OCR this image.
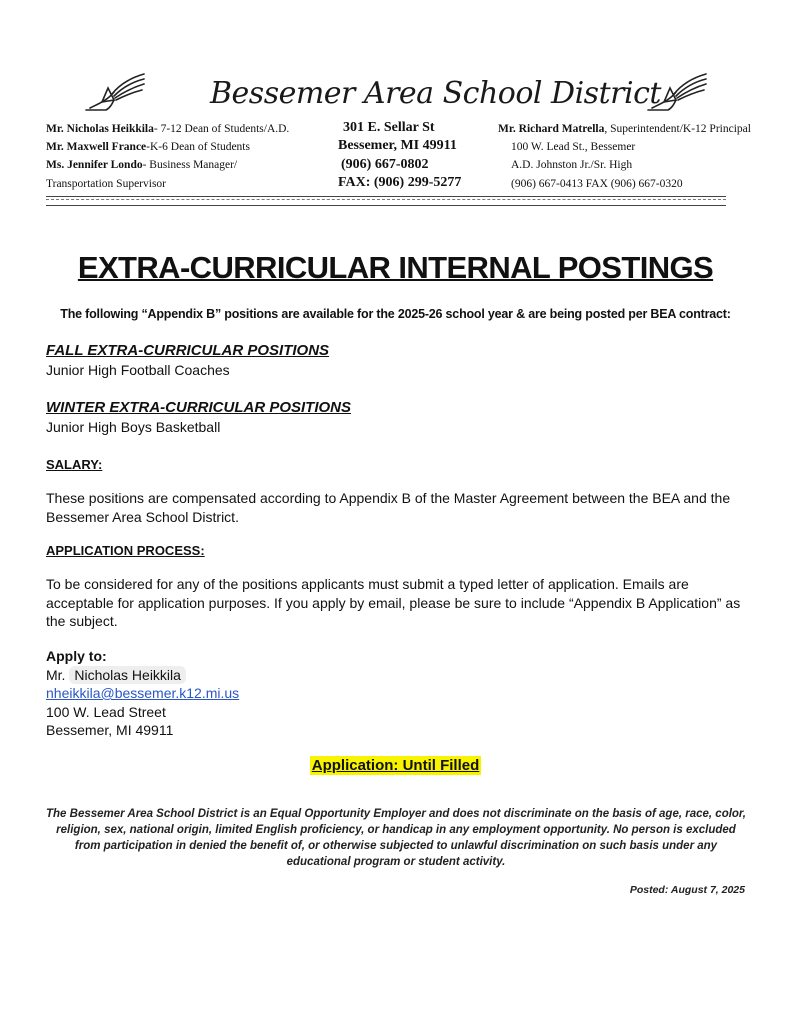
Bessemer Area School District
Mr. Nicholas Heikkila- 7-12 Dean of Students/A.D.
Mr. Maxwell France-K-6 Dean of Students
Ms. Jennifer Londo- Business Manager/
Transportation Supervisor
301 E. Sellar St
Bessemer, MI 49911
(906) 667-0802
FAX: (906) 299-5277
Mr. Richard Matrella, Superintendent/K-12 Principal
100 W. Lead St., Bessemer
A.D. Johnston Jr./Sr. High
(906) 667-0413 FAX (906) 667-0320
EXTRA-CURRICULAR INTERNAL POSTINGS
The following “Appendix B” positions are available for the 2025-26 school year & are being posted per BEA contract:
FALL EXTRA-CURRICULAR POSITIONS
Junior High Football Coaches
WINTER EXTRA-CURRICULAR POSITIONS
Junior High Boys Basketball
SALARY:
These positions are compensated according to Appendix B of the Master Agreement between the BEA and the Bessemer Area School District.
APPLICATION PROCESS:
To be considered for any of the positions applicants must submit a typed letter of application. Emails are acceptable for application purposes. If you apply by email, please be sure to include “Appendix B Application” as the subject.
Apply to:
Mr. Nicholas Heikkila
nheikkila@bessemer.k12.mi.us
100 W. Lead Street
Bessemer, MI 49911
Application: Until Filled
The Bessemer Area School District is an Equal Opportunity Employer and does not discriminate on the basis of age, race, color, religion, sex, national origin, limited English proficiency, or handicap in any employment opportunity. No person is excluded from participation in denied the benefit of, or otherwise subjected to unlawful discrimination on such basis under any educational program or student activity.
Posted: August 7, 2025
